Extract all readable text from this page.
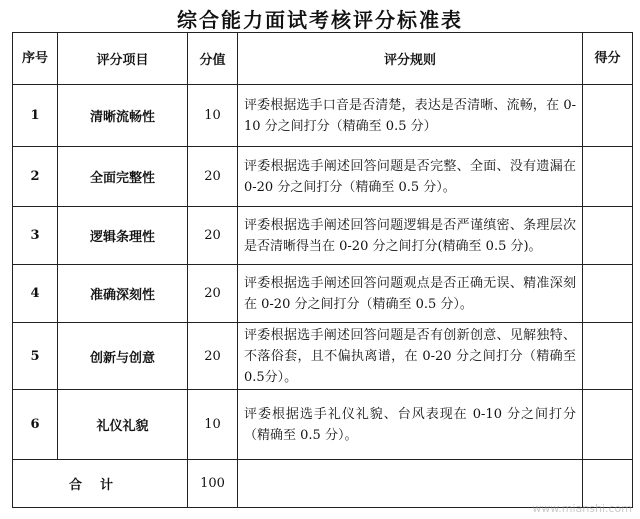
综合能力面试考核评分标准表
序号	评分项目	分值	评分规则	得分
1	清晰流畅性	10	评委根据选手口音是否清楚，表达是否清晰、流畅，在 0-10 分之间打分（精确至 0.5 分）	
2	全面完整性	20	评委根据选手阐述回答问题是否完整、全面、没有遗漏在 0-20 分之间打分（精确至 0.5 分）。	
3	逻辑条理性	20	评委根据选手阐述回答问题逻辑是否严谨缜密、条理层次是否清晰得当在 0-20 分之间打分(精确至 0.5 分)。	
4	准确深刻性	20	评委根据选手阐述回答问题观点是否正确无误、精准深刻在 0-20 分之间打分（精确至 0.5 分）。	
5	创新与创意	20	评委根据选手阐述回答问题是否有创新创意、见解独特、不落俗套，且不偏执离谱，在 0-20 分之间打分（精确至 0.5分）。	
6	礼仪礼貌	10	评委根据选手礼仪礼貌、台风表现在 0-10 分之间打分（精确至 0.5 分）。	
合计		100		
www.mianshi.com
